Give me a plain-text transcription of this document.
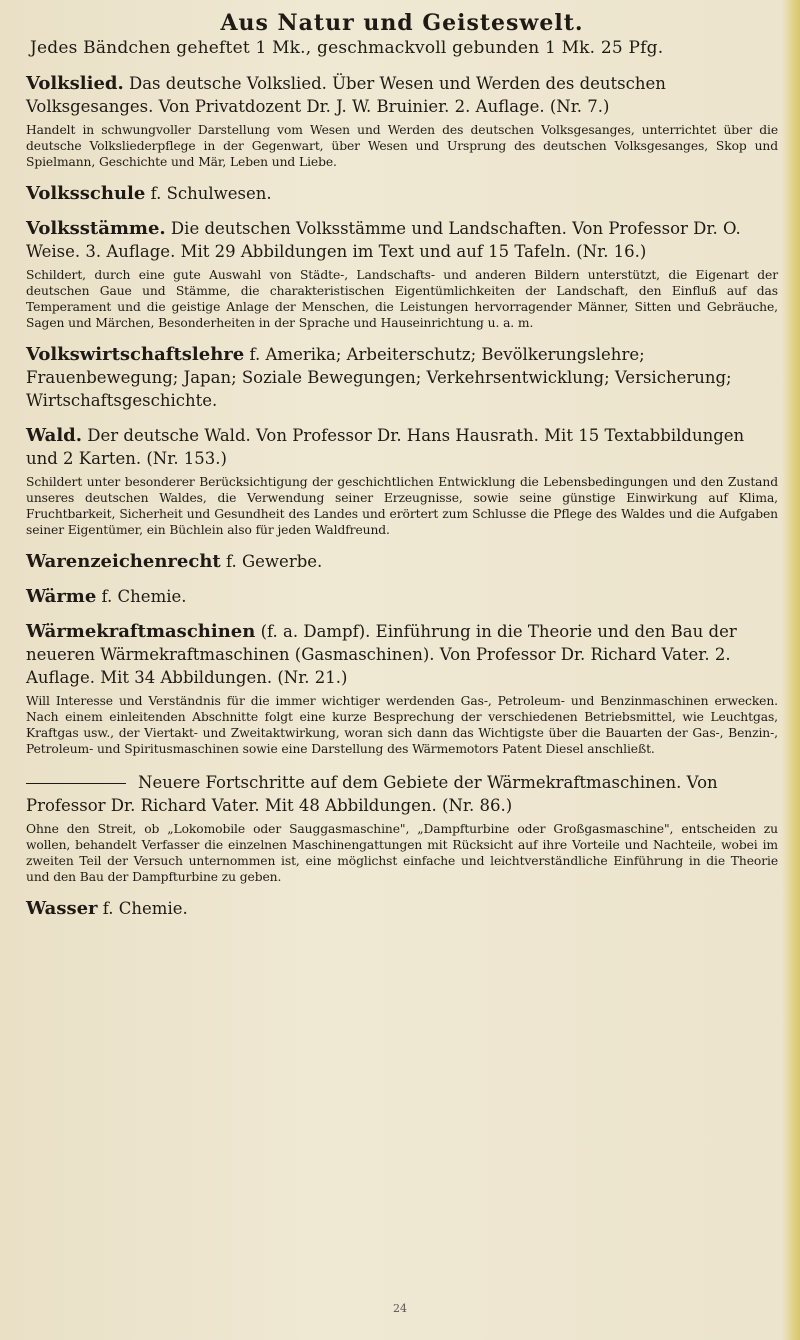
Aus Natur und Geisteswelt.
Jedes Bändchen geheftet 1 Mk., geschmackvoll gebunden 1 Mk. 25 Pfg.
Volkslied. Das deutsche Volkslied. Über Wesen und Werden des deutschen Volksgesanges. Von Privatdozent Dr. J. W. Bruinier. 2. Auflage. (Nr. 7.)
Handelt in schwungvoller Darstellung vom Wesen und Werden des deutschen Volksgesanges, unterrichtet über die deutsche Volksliederpflege in der Gegenwart, über Wesen und Ursprung des deutschen Volksgesanges, Skop und Spielmann, Geschichte und Mär, Leben und Liebe.
Volksschule f. Schulwesen.
Volksstämme. Die deutschen Volksstämme und Landschaften. Von Professor Dr. O. Weise. 3. Auflage. Mit 29 Abbildungen im Text und auf 15 Tafeln. (Nr. 16.)
Schildert, durch eine gute Auswahl von Städte-, Landschafts- und anderen Bildern unterstützt, die Eigenart der deutschen Gaue und Stämme, die charakteristischen Eigentümlichkeiten der Landschaft, den Einfluß auf das Temperament und die geistige Anlage der Menschen, die Leistungen hervorragender Männer, Sitten und Gebräuche, Sagen und Märchen, Besonderheiten in der Sprache und Hauseinrichtung u. a. m.
Volkswirtschaftslehre f. Amerika; Arbeiterschutz; Bevölkerungslehre; Frauenbewegung; Japan; Soziale Bewegungen; Verkehrsentwicklung; Versicherung; Wirtschaftsgeschichte.
Wald. Der deutsche Wald. Von Professor Dr. Hans Hausrath. Mit 15 Textabbildungen und 2 Karten. (Nr. 153.)
Schildert unter besonderer Berücksichtigung der geschichtlichen Entwicklung die Lebensbedingungen und den Zustand unseres deutschen Waldes, die Verwendung seiner Erzeugnisse, sowie seine günstige Einwirkung auf Klima, Fruchtbarkeit, Sicherheit und Gesundheit des Landes und erörtert zum Schlusse die Pflege des Waldes und die Aufgaben seiner Eigentümer, ein Büchlein also für jeden Waldfreund.
Warenzeichenrecht f. Gewerbe.
Wärme f. Chemie.
Wärmekraftmaschinen (f. a. Dampf). Einführung in die Theorie und den Bau der neueren Wärmekraftmaschinen (Gasmaschinen). Von Professor Dr. Richard Vater. 2. Auflage. Mit 34 Abbildungen. (Nr. 21.)
Will Interesse und Verständnis für die immer wichtiger werdenden Gas-, Petroleum- und Benzinmaschinen erwecken. Nach einem einleitenden Abschnitte folgt eine kurze Besprechung der verschiedenen Betriebsmittel, wie Leuchtgas, Kraftgas usw., der Viertakt- und Zweitaktwirkung, woran sich dann das Wichtigste über die Bauarten der Gas-, Benzin-, Petroleum- und Spiritusmaschinen sowie eine Darstellung des Wärmemotors Patent Diesel anschließt.
Neuere Fortschritte auf dem Gebiete der Wärmekraftmaschinen. Von Professor Dr. Richard Vater. Mit 48 Abbildungen. (Nr. 86.)
Ohne den Streit, ob „Lokomobile oder Sauggasmaschine", „Dampfturbine oder Großgasmaschine", entscheiden zu wollen, behandelt Verfasser die einzelnen Maschinengattungen mit Rücksicht auf ihre Vorteile und Nachteile, wobei im zweiten Teil der Versuch unternommen ist, eine möglichst einfache und leichtverständliche Einführung in die Theorie und den Bau der Dampfturbine zu geben.
Wasser f. Chemie.
24
